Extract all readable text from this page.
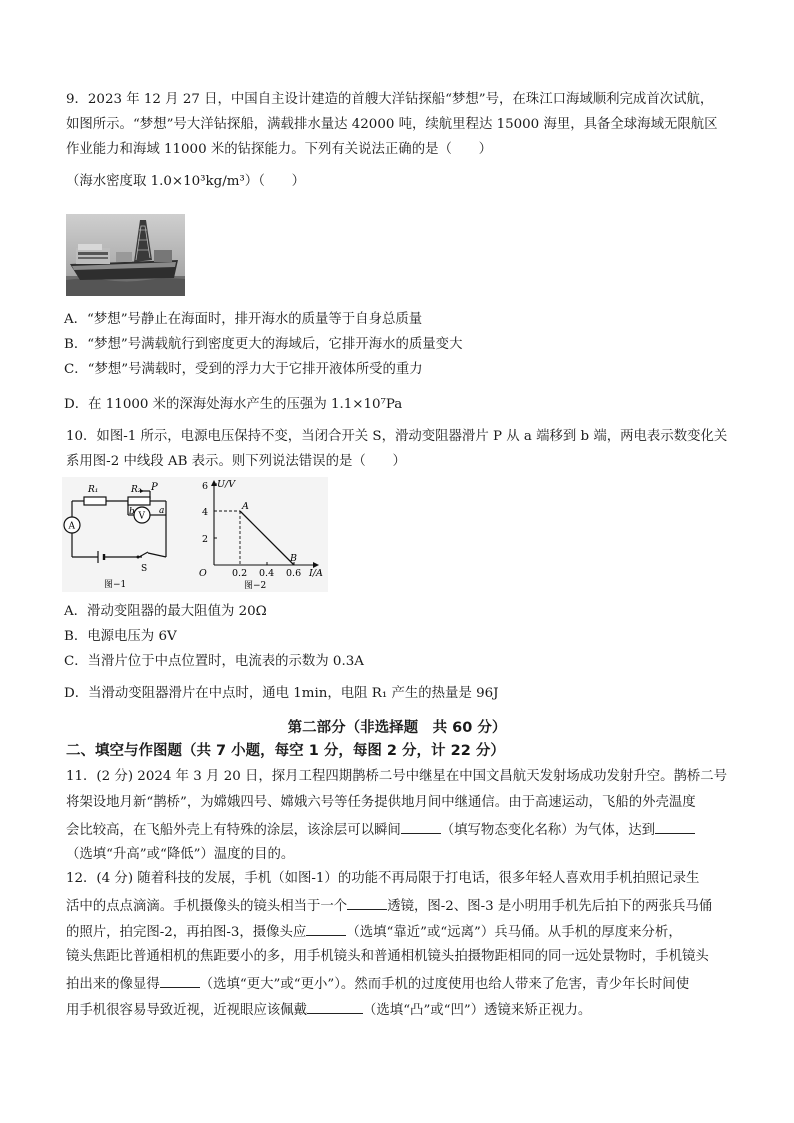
9．2023 年 12 月 27 日，中国自主设计建造的首艘大洋钻探船“梦想”号，在珠江口海域顺利完成首次试航，
如图所示。“梦想”号大洋钻探船，满载排水量达 42000 吨，续航里程达 15000 海里，具备全球海域无限航区
作业能力和海域 11000 米的钻探能力。下列有关说法正确的是（　　）
（海水密度取 1.0×10³kg/m³）（　　）
A．“梦想”号静止在海面时，排开海水的质量等于自身总质量
B．“梦想”号满载航行到密度更大的海域后，它排开海水的质量变大
C．“梦想”号满载时，受到的浮力大于它排开液体所受的重力
D．在 11000 米的深海处海水产生的压强为 1.1×10⁷Pa
10．如图-1 所示，电源电压保持不变，当闭合开关 S，滑动变阻器滑片 P 从 a 端移到 b 端，两电表示数变化关
系用图-2 中线段 AB 表示。则下列说法错误的是（　　）
R₁	R₂ P
b	a
A
V
S
图−1
6
4
2
U/V
O	0.2 0.4 0.6 I/A
A
B
图−2
A．滑动变阻器的最大阻值为 20Ω
B．电源电压为 6V
C．当滑片位于中点位置时，电流表的示数为 0.3A
D．当滑动变阻器滑片在中点时，通电 1min，电阻 R₁ 产生的热量是 96J
第二部分（非选择题　共 60 分）
二、填空与作图题（共 7 小题，每空 1 分，每图 2 分，计 22 分）
11．(2 分) 2024 年 3 月 20 日，探月工程四期鹊桥二号中继星在中国文昌航天发射场成功发射升空。鹊桥二号
将架设地月新“鹊桥”，为嫦娥四号、嫦娥六号等任务提供地月间中继通信。由于高速运动，飞船的外壳温度
会比较高，在飞船外壳上有特殊的涂层，该涂层可以瞬间	（填写物态变化名称）为气体，达到
（选填“升高”或“降低”）温度的目的。
12．(4 分) 随着科技的发展，手机（如图-1）的功能不再局限于打电话，很多年轻人喜欢用手机拍照记录生
活中的点点滴滴。手机摄像头的镜头相当于一个	透镜，图-2、图-3 是小明用手机先后拍下的两张兵马俑
的照片，拍完图-2，再拍图-3，摄像头应	（选填“靠近”或“远离”）兵马俑。从手机的厚度来分析，
镜头焦距比普通相机的焦距要小的多，用手机镜头和普通相机镜头拍摄物距相同的同一远处景物时，手机镜头
拍出来的像显得	（选填“更大”或“更小”）。然而手机的过度使用也给人带来了危害，青少年长时间使
用手机很容易导致近视，近视眼应该佩戴	（选填“凸”或“凹”）透镜来矫正视力。
